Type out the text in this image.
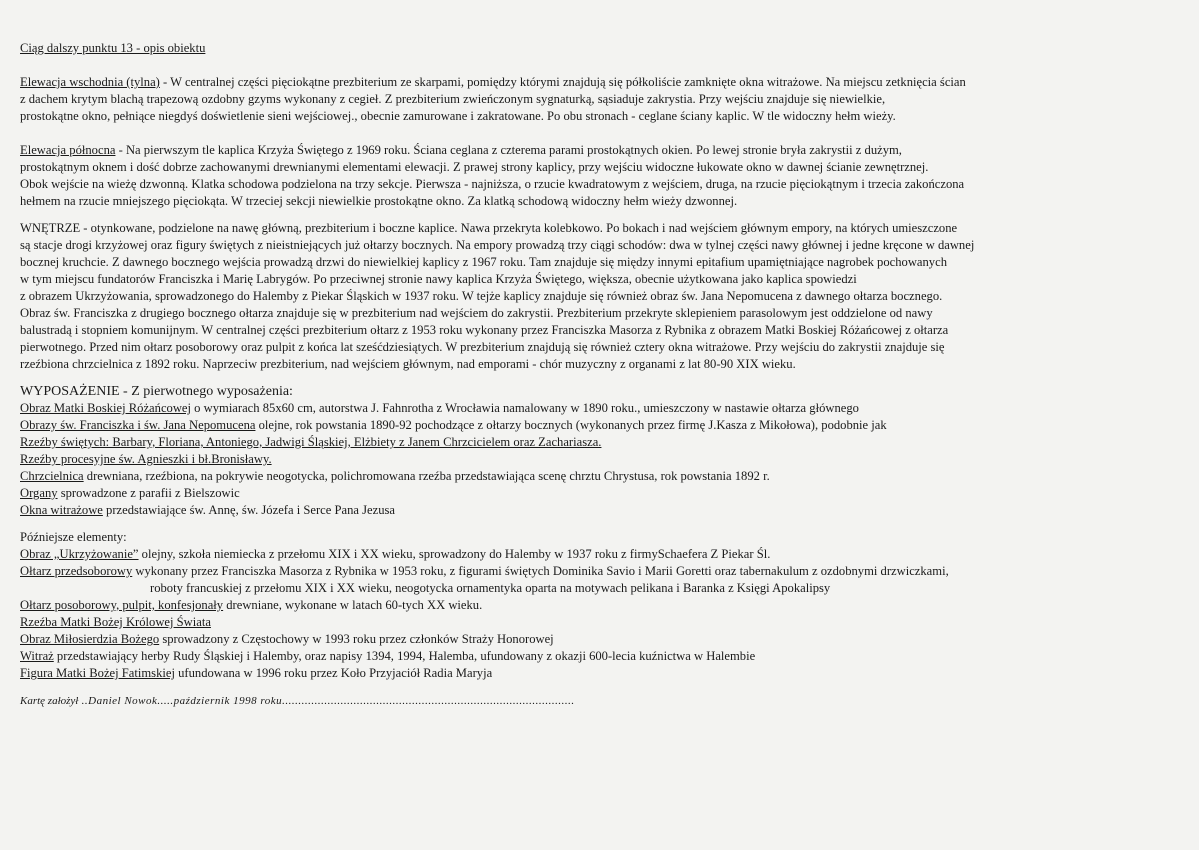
Ciąg dalszy punktu 13 - opis obiektu

Elewacja wschodnia (tylna) - W centralnej części pięciokątne prezbiterium ze skarpami, pomiędzy którymi znajdują się półkoliście zamknięte okna witrażowe. Na miejscu zetknięcia ścian

z dachem krytym blachą trapezową ozdobny gzyms wykonany z cegieł. Z prezbiterium zwieńczonym sygnaturką, sąsiaduje zakrystia. Przy wejściu znajduje się niewielkie,

prostokątne okno, pełniące niegdyś doświetlenie sieni wejściowej., obecnie zamurowane i zakratowane. Po obu stronach - ceglane ściany kaplic. W tle widoczny hełm wieży.

Elewacja północna - Na pierwszym tle kaplica Krzyża Świętego z 1969 roku. Ściana ceglana z czterema parami prostokątnych okien. Po lewej stronie bryła zakrystii z dużym,

prostokątnym oknem i dość dobrze zachowanymi drewnianymi elementami elewacji. Z prawej strony kaplicy, przy wejściu widoczne łukowate okno w dawnej ścianie zewnętrznej.

Obok wejście na wieżę dzwonną. Klatka schodowa podzielona na trzy sekcje. Pierwsza - najniższa, o rzucie kwadratowym z wejściem, druga, na rzucie pięciokątnym i trzecia zakończona

hełmem na rzucie mniejszego pięciokąta. W trzeciej sekcji niewielkie prostokątne okno. Za klatką schodową widoczny hełm wieży dzwonnej.

WNĘTRZE - otynkowane, podzielone na nawę główną, prezbiterium i boczne kaplice. Nawa przekryta kolebkowo. Po bokach i nad wejściem głównym empory, na których umieszczone

są stacje drogi krzyżowej oraz figury świętych z nieistniejących już ołtarzy bocznych. Na empory prowadzą trzy ciągi schodów: dwa w tylnej części nawy głównej i jedne kręcone w dawnej

bocznej kruchcie. Z dawnego bocznego wejścia prowadzą drzwi do niewielkiej kaplicy z 1967 roku. Tam znajduje się między innymi epitafium upamiętniające nagrobek pochowanych

w tym miejscu fundatorów Franciszka i Marię Labrygów. Po przeciwnej stronie nawy kaplica Krzyża Świętego, większa, obecnie użytkowana jako kaplica spowiedzi

z obrazem Ukrzyżowania, sprowadzonego do Halemby z Piekar Śląskich w 1937 roku. W tejże kaplicy znajduje się również obraz św. Jana Nepomucena z dawnego ołtarza bocznego.

Obraz św. Franciszka z drugiego bocznego ołtarza znajduje się w prezbiterium nad wejściem do zakrystii. Prezbiterium przekryte sklepieniem parasolowym jest oddzielone od nawy

balustradą i stopniem komunijnym. W centralnej części prezbiterium ołtarz z 1953 roku wykonany przez Franciszka Masorza z Rybnika z obrazem Matki Boskiej Różańcowej z ołtarza

pierwotnego. Przed nim ołtarz posoborowy oraz pulpit z końca lat sześćdziesiątych. W prezbiterium znajdują się również cztery okna witrażowe. Przy wejściu do zakrystii znajduje się

rzeźbiona chrzcielnica z 1892 roku. Naprzeciw prezbiterium, nad wejściem głównym, nad emporami - chór muzyczny z organami z lat 80-90 XIX wieku.

WYPOSAŻENIE - Z pierwotnego wyposażenia:

Obraz Matki Boskiej Różańcowej o wymiarach 85x60 cm, autorstwa J. Fahnrotha z Wrocławia namalowany w 1890 roku., umieszczony w nastawie ołtarza głównego

Obrazy św. Franciszka i św. Jana Nepomucena olejne, rok powstania 1890-92 pochodzące z ołtarzy bocznych (wykonanych przez firmę J.Kasza z Mikołowa), podobnie jak

Rzeźby świętych: Barbary, Floriana, Antoniego, Jadwigi Śląskiej, Elżbiety z Janem Chrzcicielem oraz Zachariasza.

Rzeźby procesyjne św. Agnieszki i bł.Bronisławy.

Chrzcielnica drewniana, rzeźbiona, na pokrywie neogotycka, polichromowana rzeźba przedstawiająca scenę chrztu Chrystusa, rok powstania 1892 r.

Organy sprowadzone z parafii z Bielszowic

Okna witrażowe przedstawiające św. Annę, św. Józefa i Serce Pana Jezusa

Późniejsze elementy:

Obraz „Ukrzyżowanie” olejny, szkoła niemiecka z przełomu XIX i XX wieku, sprowadzony do Halemby w 1937 roku z firmySchaefera Z Piekar Śl.

Ołtarz przedsoborowy wykonany przez Franciszka Masorza z Rybnika w 1953 roku, z figurami świętych Dominika Savio i Marii Goretti oraz tabernakulum z ozdobnymi drzwiczkami,

roboty francuskiej z przełomu XIX i XX wieku, neogotycka ornamentyka oparta na motywach pelikana i Baranka z Księgi Apokalipsy

Ołtarz posoborowy, pulpit, konfesjonały drewniane, wykonane w latach 60-tych XX wieku.

Rzeźba Matki Bożej Królowej Świata

Obraz Miłosierdzia Bożego sprowadzony z Częstochowy w 1993 roku przez członków Straży Honorowej

Witraż przedstawiający herby Rudy Śląskiej i Halemby, oraz napisy 1394, 1994, Halemba, ufundowany z okazji 600-lecia kuźnictwa w Halembie

Figura Matki Bożej Fatimskiej ufundowana w 1996 roku przez Koło Przyjaciół Radia Maryja

Kartę założył ..Daniel Nowok.....październik 1998 roku..........................................................................................
